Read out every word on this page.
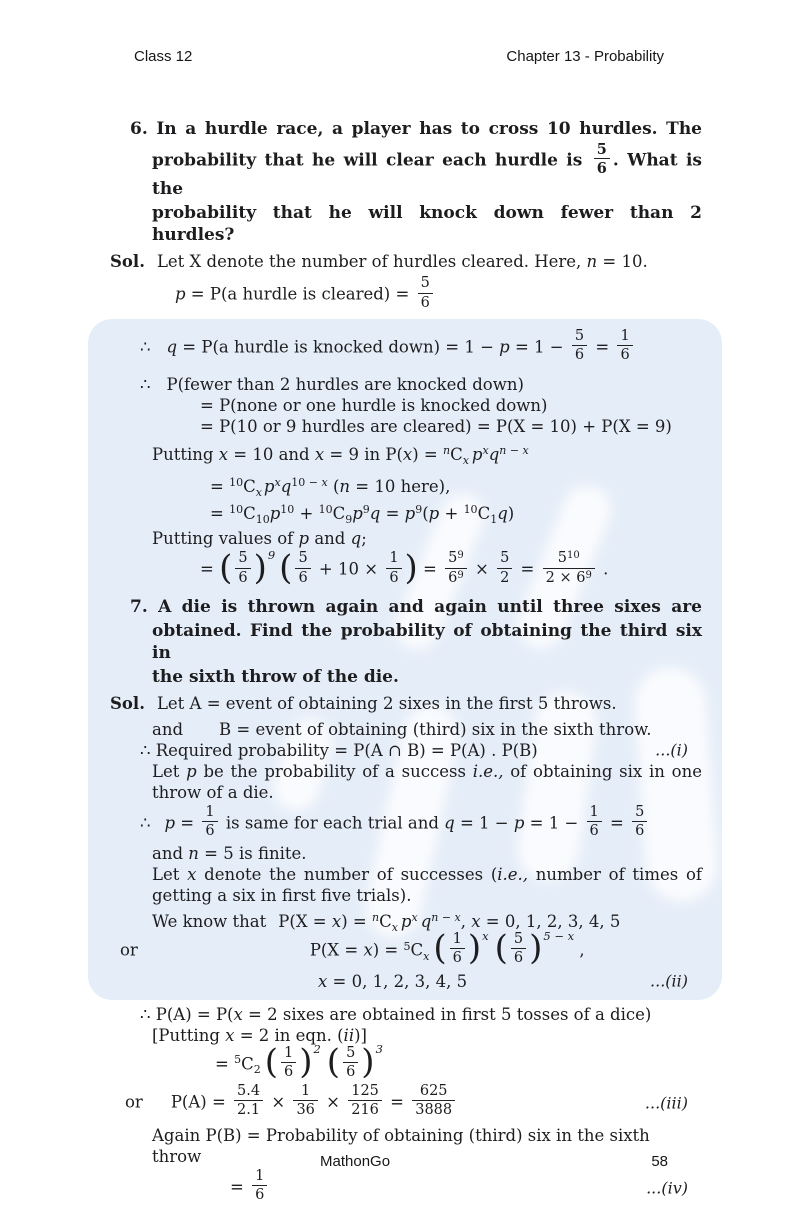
Class 12	Chapter 13 - Probability
6. In a hurdle race, a player has to cross 10 hurdles. The
probability that he will clear each hurdle is $\frac{5}{6}$ . What is the
probability that he will knock down fewer than 2 hurdles?
Sol. Let X denote the number of hurdles cleared. Here, n = 10.
p = P(a hurdle is cleared) = $\frac{5}{6}$
∴ q = P(a hurdle is knocked down) = $1 - p = 1 - \frac{5}{6} = \frac{1}{6}$
∴ P(fewer than 2 hurdles are knocked down)
= P(none or one hurdle is knocked down)
= P(10 or 9 hurdles are cleared) = P(X = 10) + P(X = 9)
Putting x = 10 and x = 9 in $P(x) = ^nC_x$ $p^xq^{n - x}$
= $^{10}C_x$ $p^xq^{10 -}$ $^x$ (n = 10 here),
= $^{10}C_{10}p^{10} + ^{10}C_9p^9q = p^9(p + ^{10}C_1q)$
Putting values of p and q;
= ( $\frac{5}{6} )^9$ ( $\frac{5}{6} + 10 \times \frac{1}{6}$ ) = $\frac{5^9}{6^9} \times \frac{5}{2} = \frac{5^{10}}{2 \times 6^9}$ .
7. A die is thrown again and again until three sixes are
obtained. Find the probability of obtaining the third six in
the sixth throw of the die.
Sol. Let A = event of obtaining 2 sixes in the first 5 throws.
and B = event of obtaining (third) six in the sixth throw.
∴ Required probability = P(A ∩ B) = P(A) . P(B)	...(i)
Let p be the probability of a success i.e., of obtaining six in one
throw of a die.
∴ $p = \frac{1}{6}$ is same for each trial and $q = 1 - p = 1 - \frac{1}{6} = \frac{5}{6}$
and n = 5 is finite.
Let x denote the number of successes (i.e., number of times of
getting a six in first five trials).
We know that $P(X = x) = ^nC_x$ $p^x$ $q^{n - x}$, x = 0, 1, 2, 3, 4, 5
or	$P(X = x) = ^5C_x$ ( $\frac{1}{6} )^x$ ( $\frac{5}{6} )^{5 - x}$ ,
x = 0, 1, 2, 3, 4, 5	...(ii)
∴ P(A) = P(x = 2 sixes are obtained in first 5 tosses of a dice)
[Putting x = 2 in eqn. (ii)]
= $^5C_2$ ( $\frac{1}{6} )^2$ ( $\frac{5}{6} )^3$
or $P(A) = \frac{5.4}{2.1} \times \frac{1}{36} \times \frac{125}{216} = \frac{625}{3888}$	...(iii)
Again P(B) = Probability of obtaining (third) six in the sixth throw
= $\frac{1}{6}$	...(iv)
MathonGo	58
